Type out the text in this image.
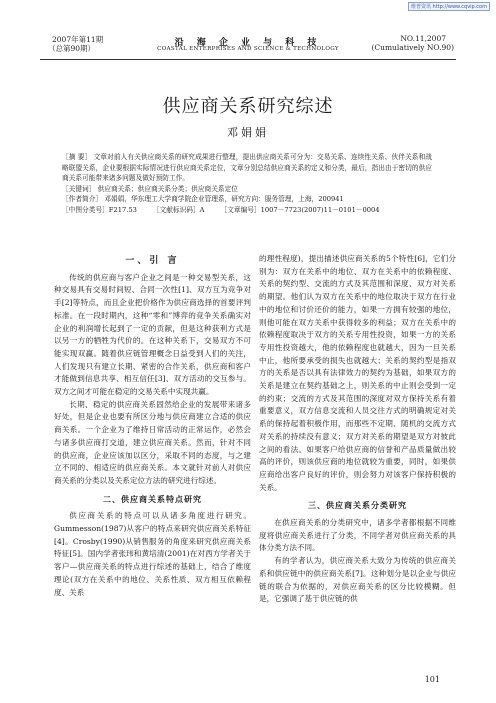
维普资讯 http://www.cqvip.com
2007年第11期
（总第90期）
沿 海 企 业 与 科 技
COASTAL ENTERPRISES AND SCIENCE & TECHNOLOGY
NO.11,2007
(Cumulatively NO.90)
供应商关系研究综述
邓娟娟

［摘 要］ 文章对前人有关供应商关系的研究成果进行整理，提出供应商关系可分为：交易关系、连续性关系、伙伴关系和战略联盟关系，企业要根据实际情况进行供应商关系定位，文章分别总结供应商关系的定义和分类，最后，指出由于密切的供应商关系可能带来诸多问题及做好预防工作。

［关键词］ 供应商关系；供应商关系分类；供应商关系定位

［作者简介］ 邓娟娟，华东理工大学商学院企业管理系，研究方向：服务管理，上海，200941

［中图分类号］F217.53 ［文献标识码］A ［文章编号］1007－7723(2007)11－0101－0004
一、引 言

传统的供应商与客户企业之间是一种交易型关系，这种交易具有交易时间短、合同一次性[1]、双方互为竞争对手[2]等特点，而且企业把价格作为供应商选择的首要评判标准。在一段时期内，这种“零和”博弈的竞争关系确实对企业的利润增长起到了一定的贡献，但是这种获利方式是以另一方的牺牲为代价的。在这种关系下，交易双方不可能实现双赢。随着供应链管理概念日益受到人们的关注，人们发现只有建立长期、紧密的合作关系，供应商和客户才能做到信息共享、相互信任[3]、双方活动的交互参与。双方之间才可能在稳定的交易关系中实现共赢。

长期、稳定的供应商关系固然给企业的发展带来诸多好处，但是企业也要有所区分地与供应商建立合适的供应商关系。一个企业为了维持日常活动的正常运作，必然会与诸多供应商打交道，建立供应商关系。然而，针对不同的供应商，企业应该加以区分，采取不同的态度，与之建立不同的、相适应的供应商关系。本文就针对前人对供应商关系的分类以及关系定位方法的研究进行综述。

二、供应商关系特点研究

供应商关系的特点可以从诸多角度进行研究。Gummesson(1987)从客户的特点来研究供应商关系特征[4]。Crosby(1990)从销售服务的角度来研究供应商关系特征[5]。国内学者张玮和黄培清(2001)在对西方学者关于客户—供应商关系的特点进行综述的基础上，结合了维度理论(双方在关系中的地位、关系性质、双方相互依赖程度、关系

的理性程度)，提出描述供应商关系的5个特性[6]，它们分别为：双方在关系中的地位、双方在关系中的依赖程度、关系的契约型、交流的方式及其范围和深度、双方对关系的期望。他们认为双方在关系中的地位取决于双方在行业中的地位和讨价还价的能力，如果一方拥有较强的地位，则他可能在双方关系中获得较多的利益；双方在关系中的依赖程度取决于双方的关系专用性投资，如果一方的关系专用性投资越大，他的依赖程度也就越大，因为一旦关系中止，他所要承受的损失也就越大；关系的契约型是指双方的关系是否以具有法律效力的契约为基础，如果双方的关系是建立在契约基础之上，则关系的中止则会受到一定的约束；交流的方式及其范围的深度对双方保持关系有着重要意义，双方信息交流和人员交往方式的明确规定对关系的保持起着积极作用，而那些不定期、随机的交流方式对关系的持续没有意义；双方对关系的期望是双方对彼此之间的看法。如果客户给供应商的信誉和产品质量做出较高的评价，则该供应商的地位就较为重要，同时，如果供应商给出客户良好的评价，则会努力对该客户保持积极的关系。

三、供应商关系分类研究

在供应商关系的分类研究中，诸多学者都根据不同维度将供应商关系进行了分类，不同学者对供应商关系的具体分类方法不同。

有的学者认为，供应商关系大致分为传统的供应商关系和供应链中的供应商关系[7]。这种划分是以企业与供应链的联合为依据的，对供应商关系的区分比较模糊。但是，它强调了基于供应链的供

101
